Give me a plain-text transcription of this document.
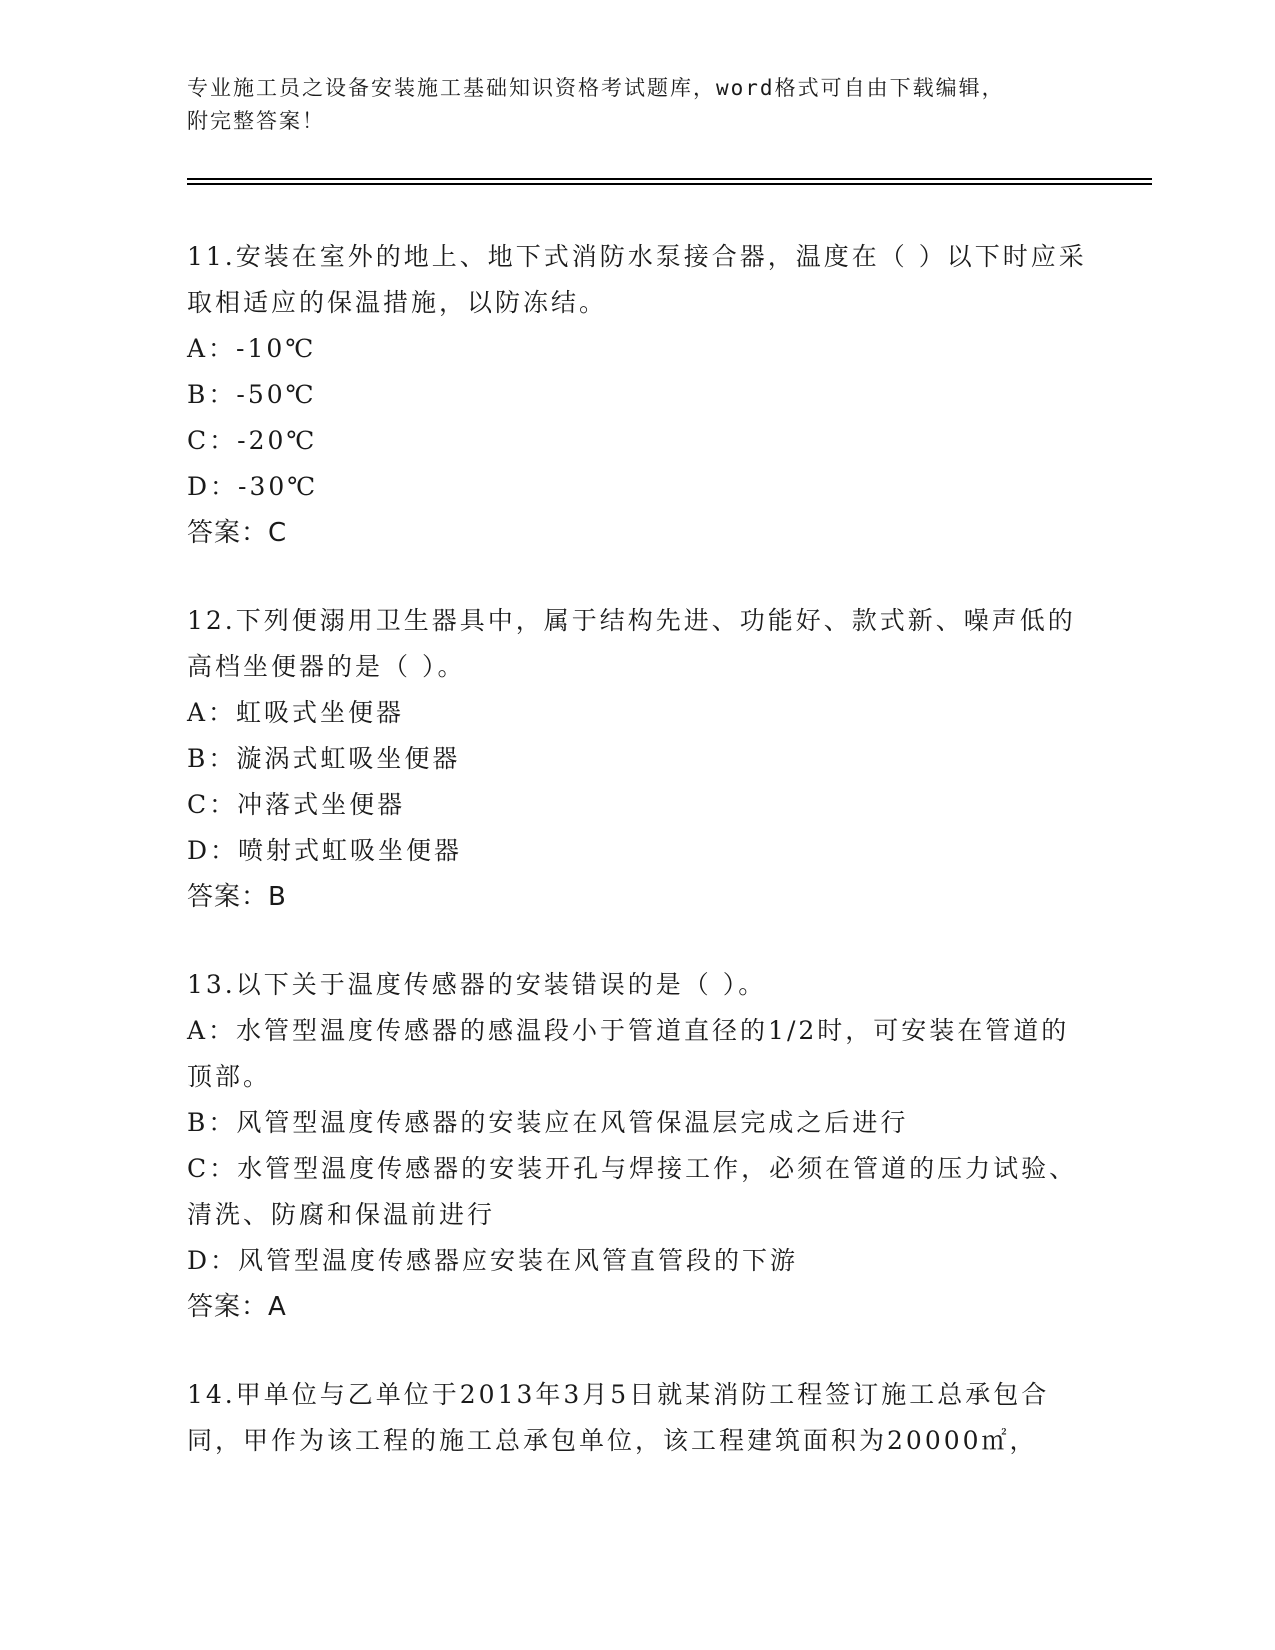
专业施工员之设备安装施工基础知识资格考试题库，word格式可自由下载编辑，
附完整答案！
11.安装在室外的地上、地下式消防水泵接合器，温度在（ ）以下时应采取相适应的保温措施，以防冻结。
A：-10℃
B：-50℃
C：-20℃
D：-30℃
答案：C
12.下列便溺用卫生器具中，属于结构先进、功能好、款式新、噪声低的高档坐便器的是（ ）。
A：虹吸式坐便器
B：漩涡式虹吸坐便器
C：冲落式坐便器
D：喷射式虹吸坐便器
答案：B
13.以下关于温度传感器的安装错误的是（ ）。
A：水管型温度传感器的感温段小于管道直径的1/2时，可安装在管道的顶部。
B：风管型温度传感器的安装应在风管保温层完成之后进行
C：水管型温度传感器的安装开孔与焊接工作，必须在管道的压力试验、清洗、防腐和保温前进行
D：风管型温度传感器应安装在风管直管段的下游
答案：A
14.甲单位与乙单位于2013年3月5日就某消防工程签订施工总承包合同，甲作为该工程的施工总承包单位，该工程建筑面积为20000㎡，
